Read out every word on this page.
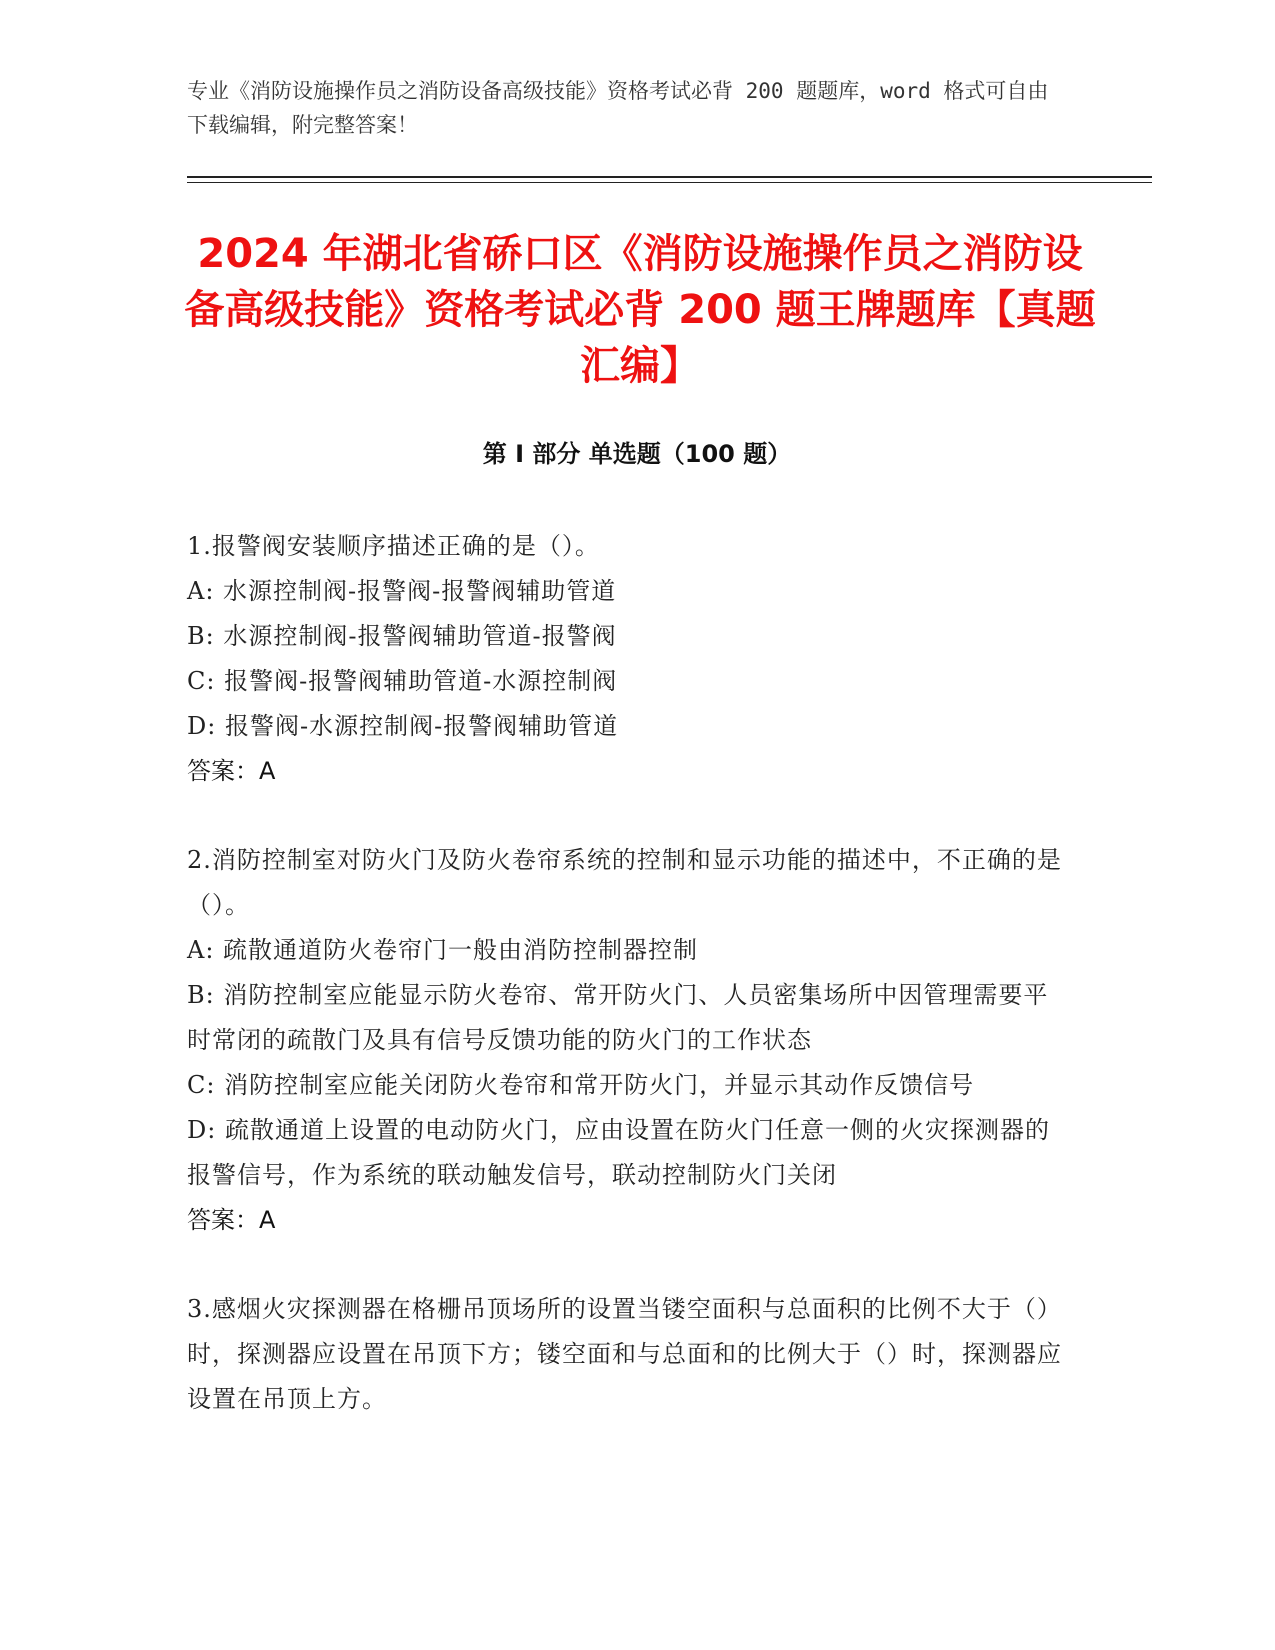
专业《消防设施操作员之消防设备高级技能》资格考试必背 200 题题库，word 格式可自由下载编辑，附完整答案！
2024 年湖北省硚口区《消防设施操作员之消防设备高级技能》资格考试必背 200 题王牌题库【真题汇编】
第 I 部分 单选题（100 题）
1.报警阀安装顺序描述正确的是（）。
A: 水源控制阀-报警阀-报警阀辅助管道
B: 水源控制阀-报警阀辅助管道-报警阀
C: 报警阀-报警阀辅助管道-水源控制阀
D: 报警阀-水源控制阀-报警阀辅助管道
答案：A
2.消防控制室对防火门及防火卷帘系统的控制和显示功能的描述中，不正确的是（）。
A: 疏散通道防火卷帘门一般由消防控制器控制
B: 消防控制室应能显示防火卷帘、常开防火门、人员密集场所中因管理需要平时常闭的疏散门及具有信号反馈功能的防火门的工作状态
C: 消防控制室应能关闭防火卷帘和常开防火门，并显示其动作反馈信号
D: 疏散通道上设置的电动防火门，应由设置在防火门任意一侧的火灾探测器的报警信号，作为系统的联动触发信号，联动控制防火门关闭
答案：A
3.感烟火灾探测器在格栅吊顶场所的设置当镂空面积与总面积的比例不大于（）时，探测器应设置在吊顶下方；镂空面和与总面和的比例大于（）时，探测器应设置在吊顶上方。
